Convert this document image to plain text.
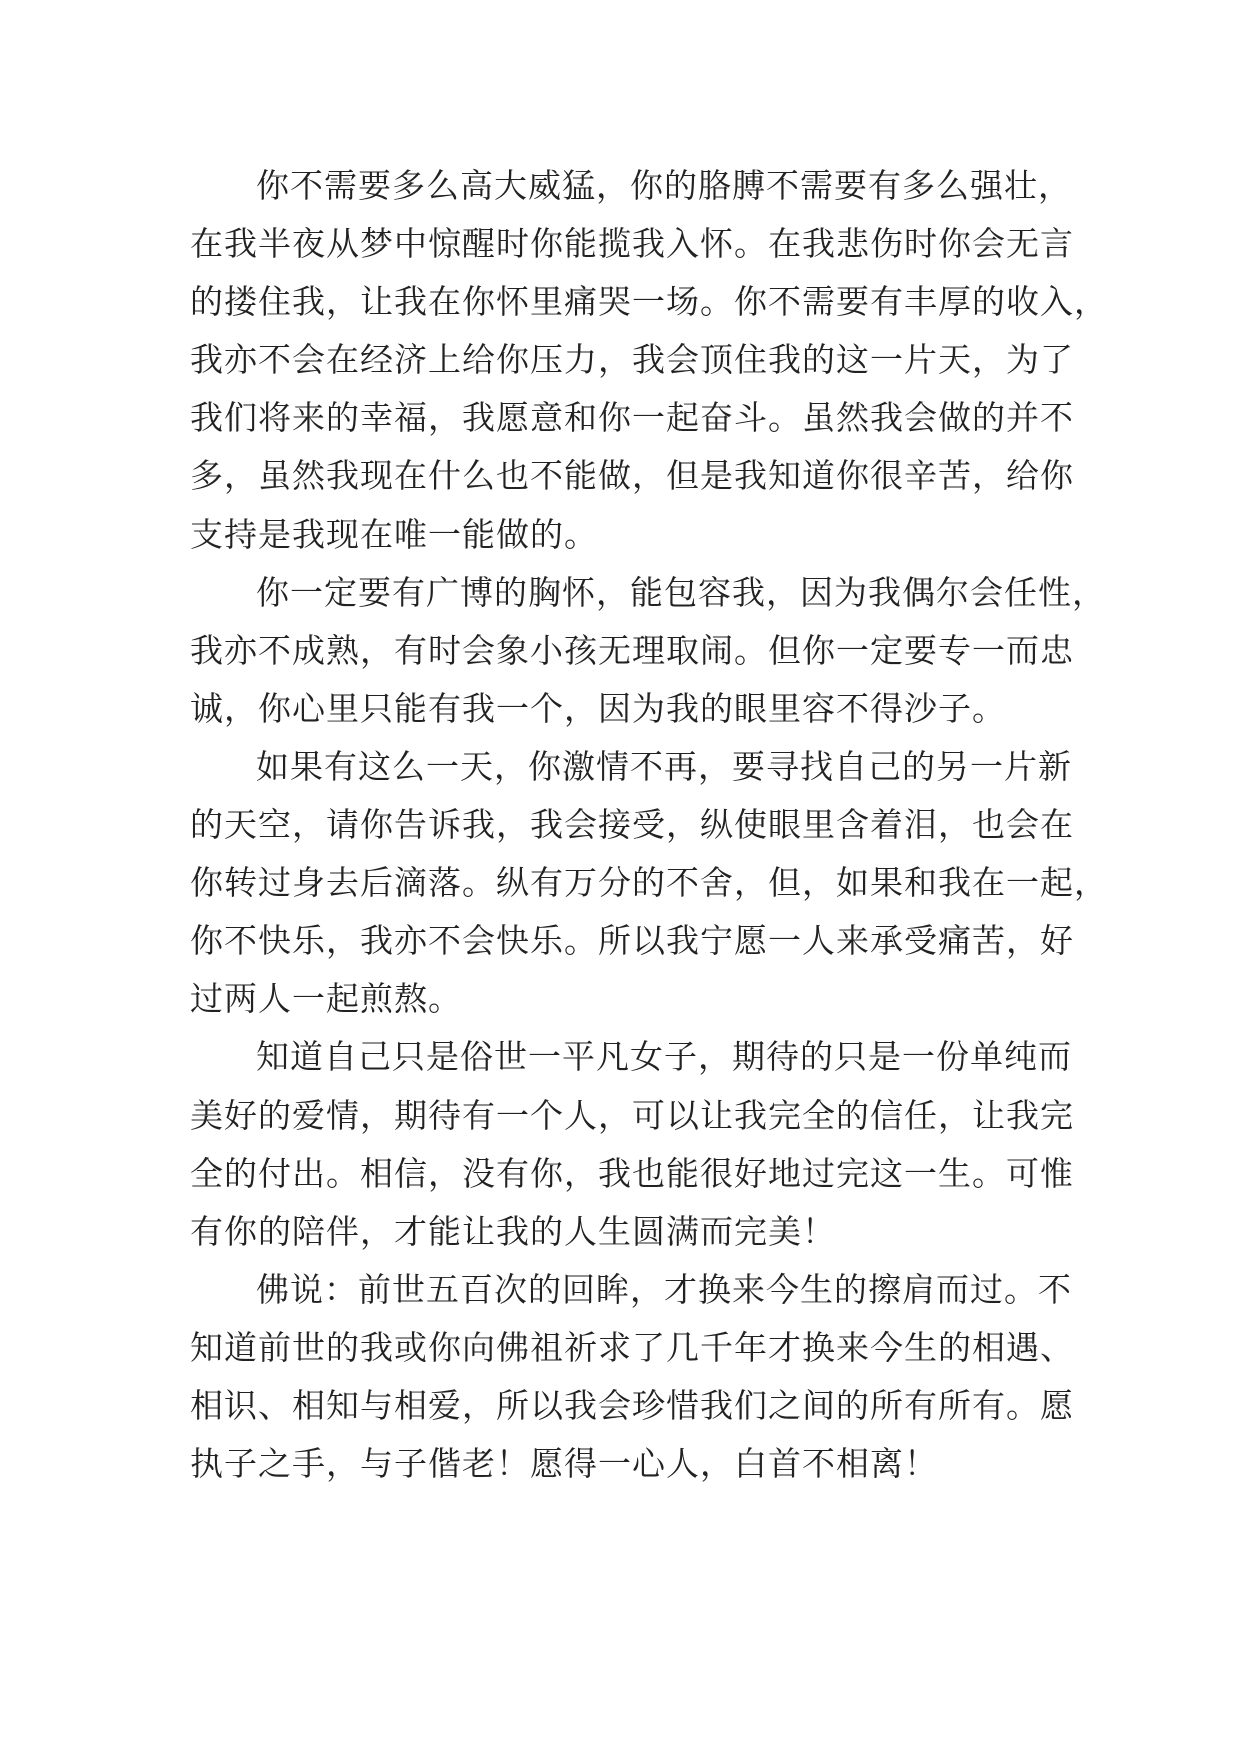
你不需要多么高大威猛，你的胳膊不需要有多么强壮，
在我半夜从梦中惊醒时你能揽我入怀。在我悲伤时你会无言
的搂住我，让我在你怀里痛哭一场。你不需要有丰厚的收入，
我亦不会在经济上给你压力，我会顶住我的这一片天，为了
我们将来的幸福，我愿意和你一起奋斗。虽然我会做的并不
多，虽然我现在什么也不能做，但是我知道你很辛苦，给你
支持是我现在唯一能做的。

你一定要有广博的胸怀，能包容我，因为我偶尔会任性，
我亦不成熟，有时会象小孩无理取闹。但你一定要专一而忠
诚，你心里只能有我一个，因为我的眼里容不得沙子。

如果有这么一天，你激情不再，要寻找自己的另一片新
的天空，请你告诉我，我会接受，纵使眼里含着泪，也会在
你转过身去后滴落。纵有万分的不舍，但，如果和我在一起，
你不快乐，我亦不会快乐。所以我宁愿一人来承受痛苦，好
过两人一起煎熬。

知道自己只是俗世一平凡女子，期待的只是一份单纯而
美好的爱情，期待有一个人，可以让我完全的信任，让我完
全的付出。相信，没有你，我也能很好地过完这一生。可惟
有你的陪伴，才能让我的人生圆满而完美！

佛说：前世五百次的回眸，才换来今生的擦肩而过。不
知道前世的我或你向佛祖祈求了几千年才换来今生的相遇、
相识、相知与相爱，所以我会珍惜我们之间的所有所有。愿
执子之手，与子偕老！愿得一心人，白首不相离！
